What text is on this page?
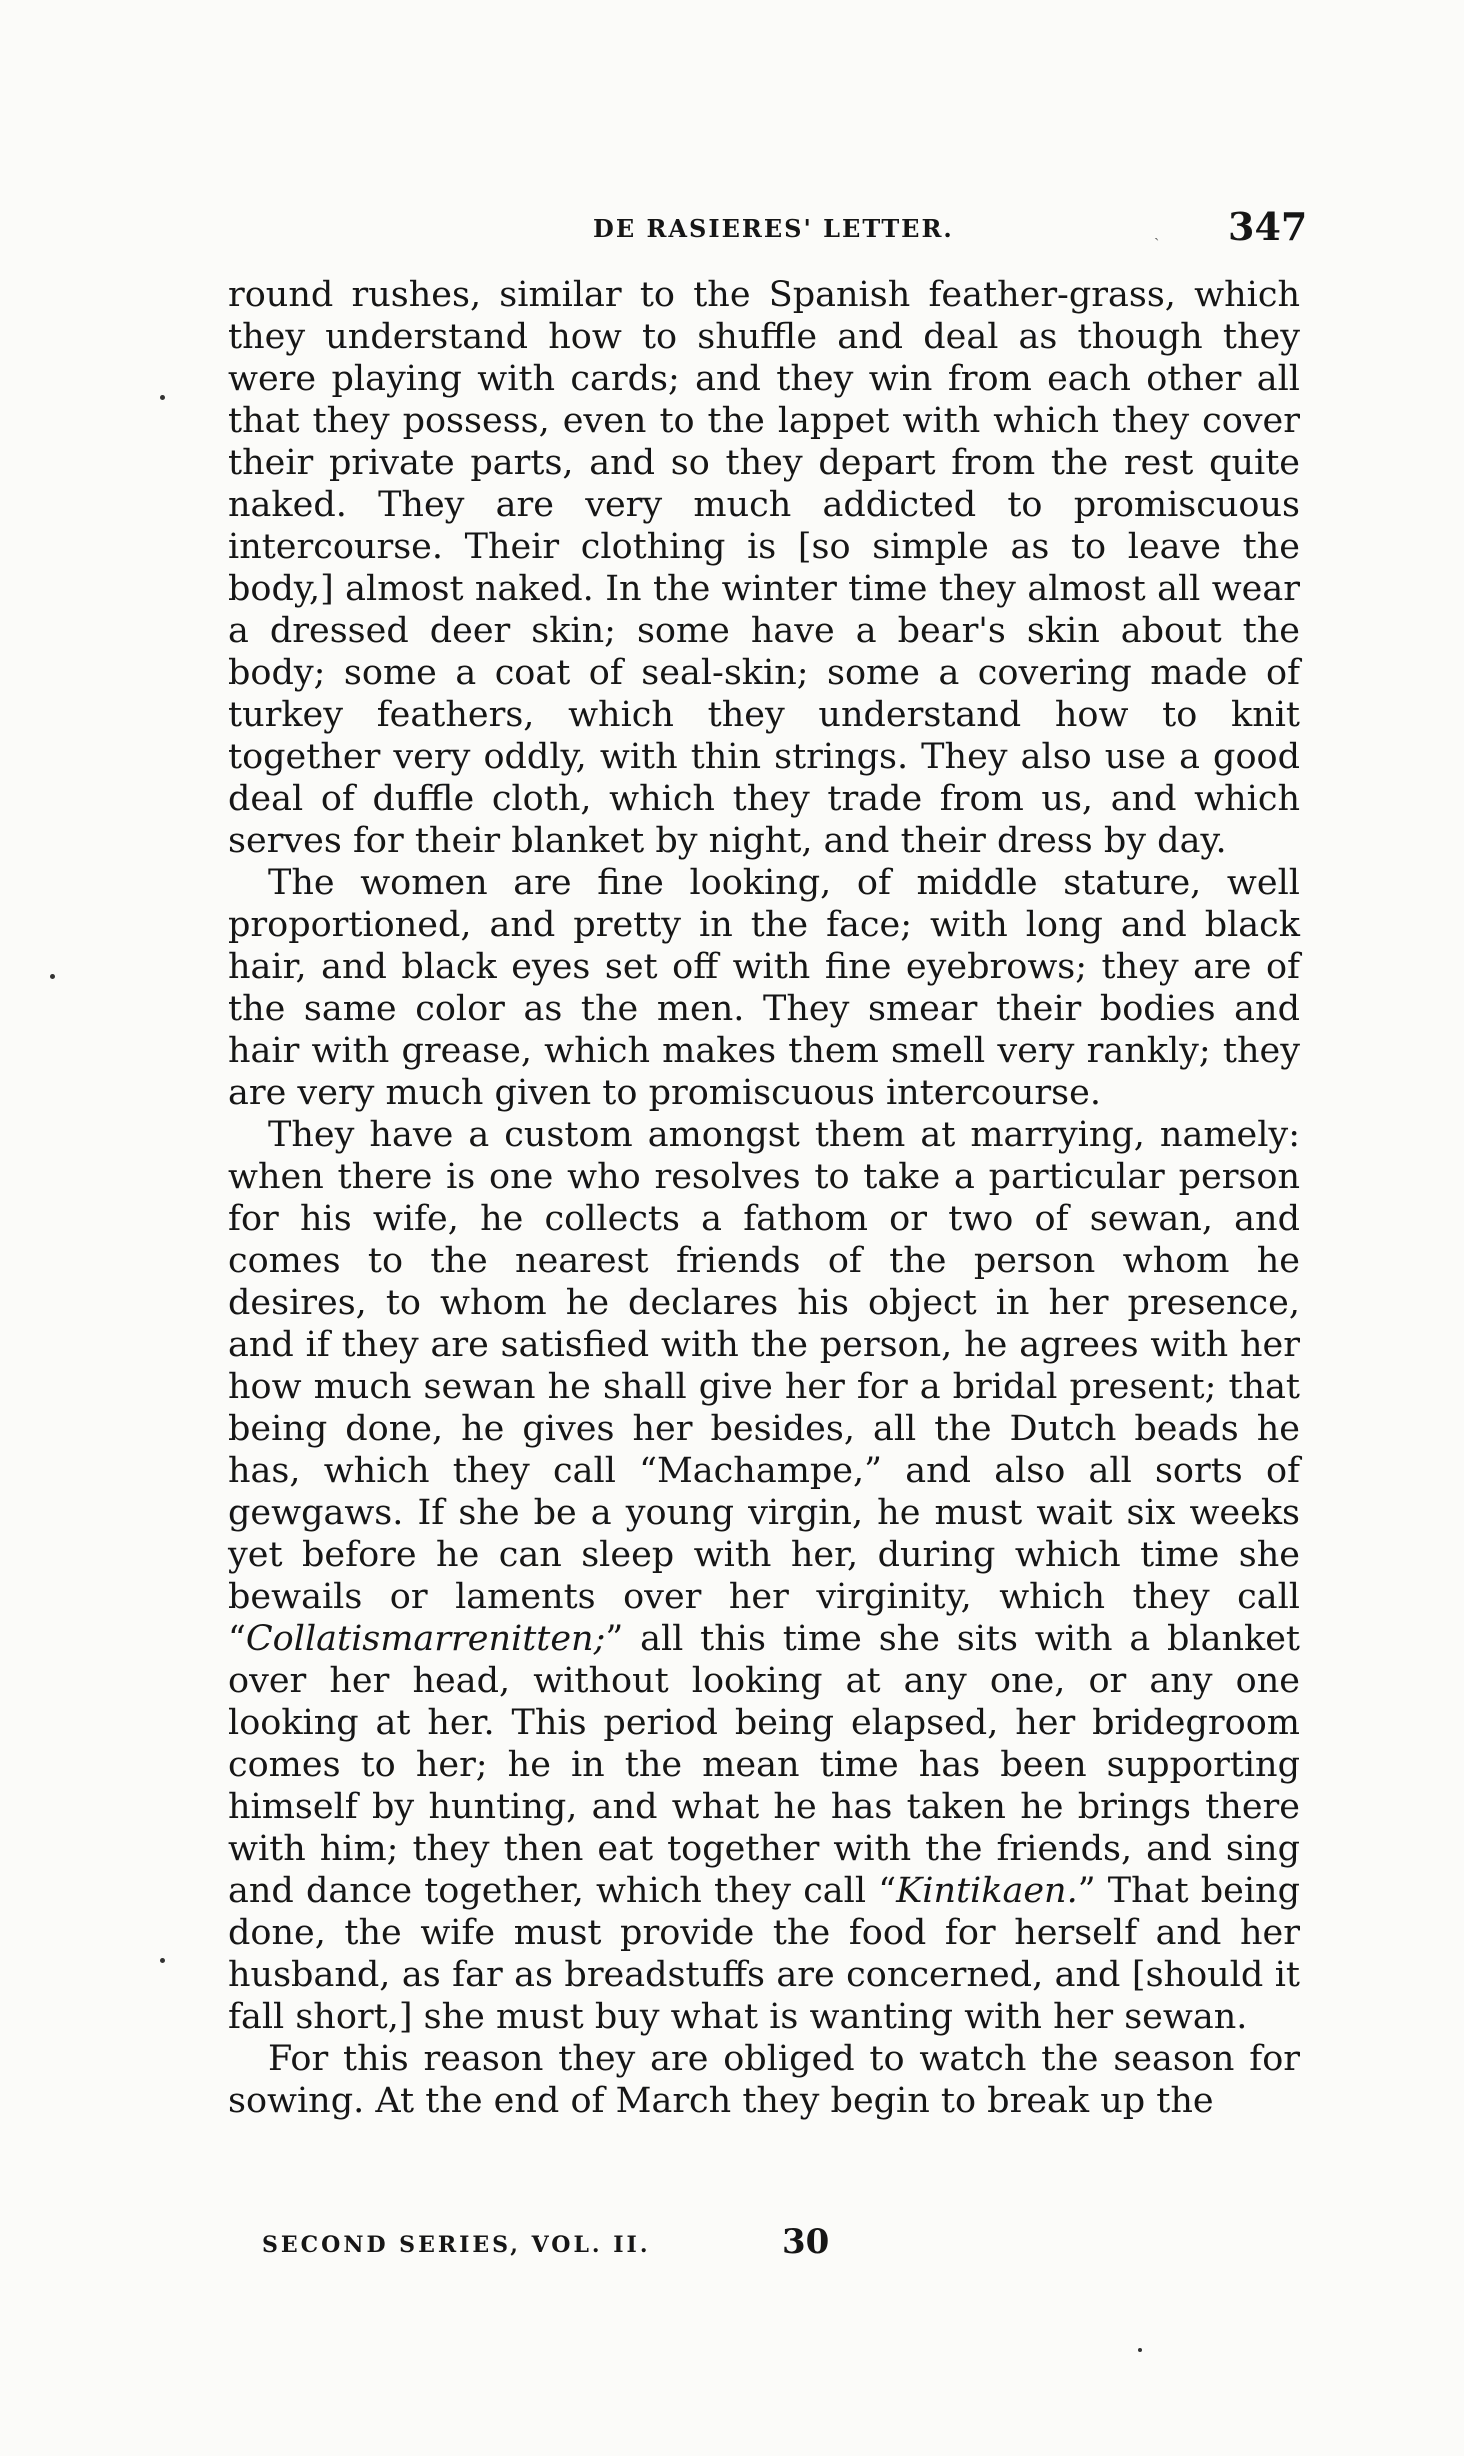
DE RASIERES' LETTER.	ˎ 347

round rushes, similar to the Spanish feather-grass, which they understand how to shuffle and deal as though they were playing with cards; and they win from each other all that they possess, even to the lappet with which they cover their private parts, and so they depart from the rest quite naked. They are very much addicted to promiscuous intercourse. Their clothing is [so simple as to leave the body,] almost naked. In the winter time they almost all wear a dressed deer skin; some have a bear's skin about the body; some a coat of seal-skin; some a covering made of turkey feathers, which they understand how to knit together very oddly, with thin strings. They also use a good deal of duffle cloth, which they trade from us, and which serves for their blanket by night, and their dress by day.

The women are fine looking, of middle stature, well proportioned, and pretty in the face; with long and black hair, and black eyes set off with fine eyebrows; they are of the same color as the men. They smear their bodies and hair with grease, which makes them smell very rankly; they are very much given to promiscuous intercourse.

They have a custom amongst them at marrying, namely: when there is one who resolves to take a particular person for his wife, he collects a fathom or two of sewan, and comes to the nearest friends of the person whom he desires, to whom he declares his object in her presence, and if they are satisfied with the person, he agrees with her how much sewan he shall give her for a bridal present; that being done, he gives her besides, all the Dutch beads he has, which they call “Machampe,” and also all sorts of gewgaws. If she be a young virgin, he must wait six weeks yet before he can sleep with her, during which time she bewails or laments over her virginity, which they call “Collatismarrenitten;” all this time she sits with a blanket over her head, without looking at any one, or any one looking at her. This period being elapsed, her bridegroom comes to her; he in the mean time has been supporting himself by hunting, and what he has taken he brings there with him; they then eat together with the friends, and sing and dance together, which they call “Kintikaen.” That being done, the wife must provide the food for herself and her husband, as far as breadstuffs are concerned, and [should it fall short,] she must buy what is wanting with her sewan.

For this reason they are obliged to watch the season for sowing. At the end of March they begin to break up the

SECOND SERIES, VOL. II.	30
